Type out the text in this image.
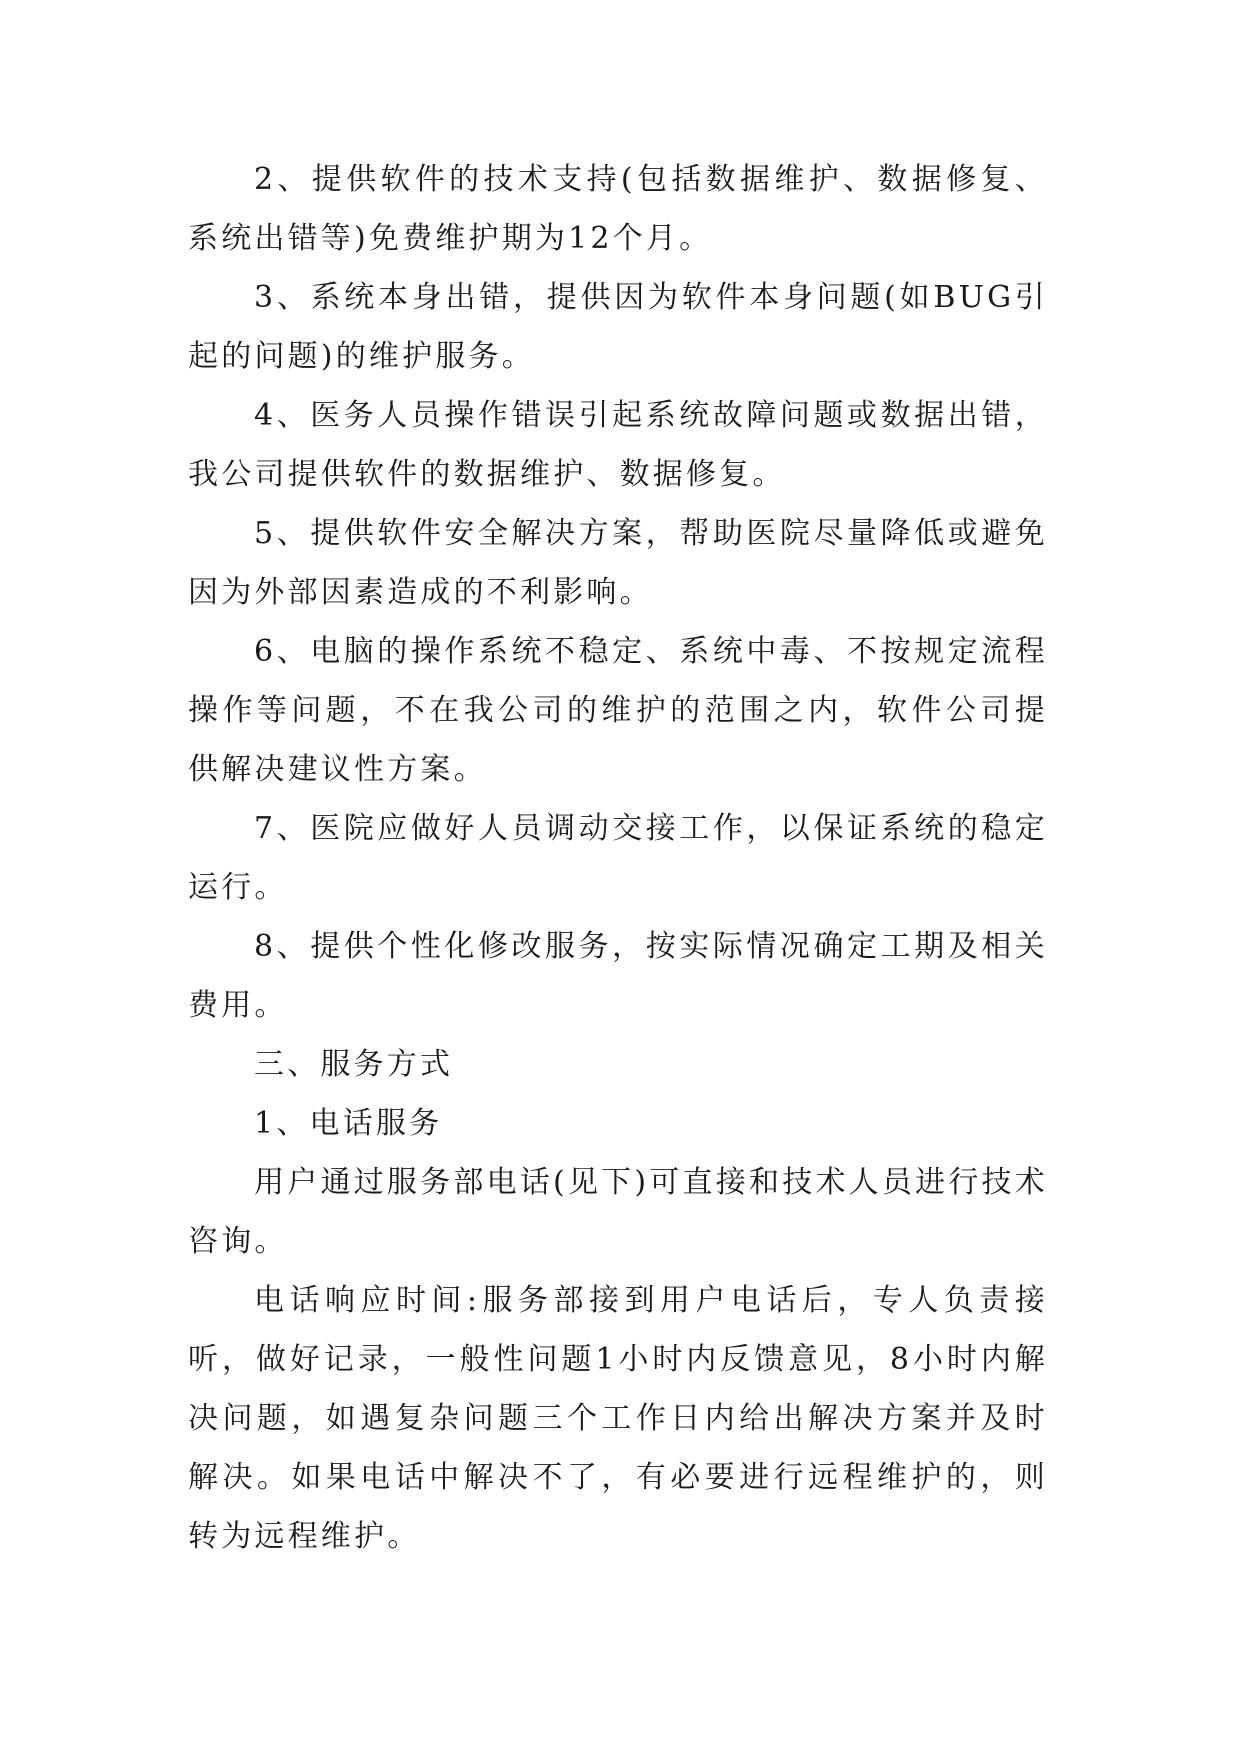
2、提供软件的技术支持(包括数据维护、数据修复、系统出错等)免费维护期为12个月。

3、系统本身出错，提供因为软件本身问题(如BUG引起的问题)的维护服务。

4、医务人员操作错误引起系统故障问题或数据出错，我公司提供软件的数据维护、数据修复。

5、提供软件安全解决方案，帮助医院尽量降低或避免因为外部因素造成的不利影响。

6、电脑的操作系统不稳定、系统中毒、不按规定流程操作等问题，不在我公司的维护的范围之内，软件公司提供解决建议性方案。

7、医院应做好人员调动交接工作，以保证系统的稳定运行。

8、提供个性化修改服务，按实际情况确定工期及相关费用。

三、服务方式

1、电话服务

用户通过服务部电话(见下)可直接和技术人员进行技术咨询。

电话响应时间:服务部接到用户电话后，专人负责接听，做好记录，一般性问题1小时内反馈意见，8小时内解决问题，如遇复杂问题三个工作日内给出解决方案并及时解决。如果电话中解决不了，有必要进行远程维护的，则转为远程维护。
